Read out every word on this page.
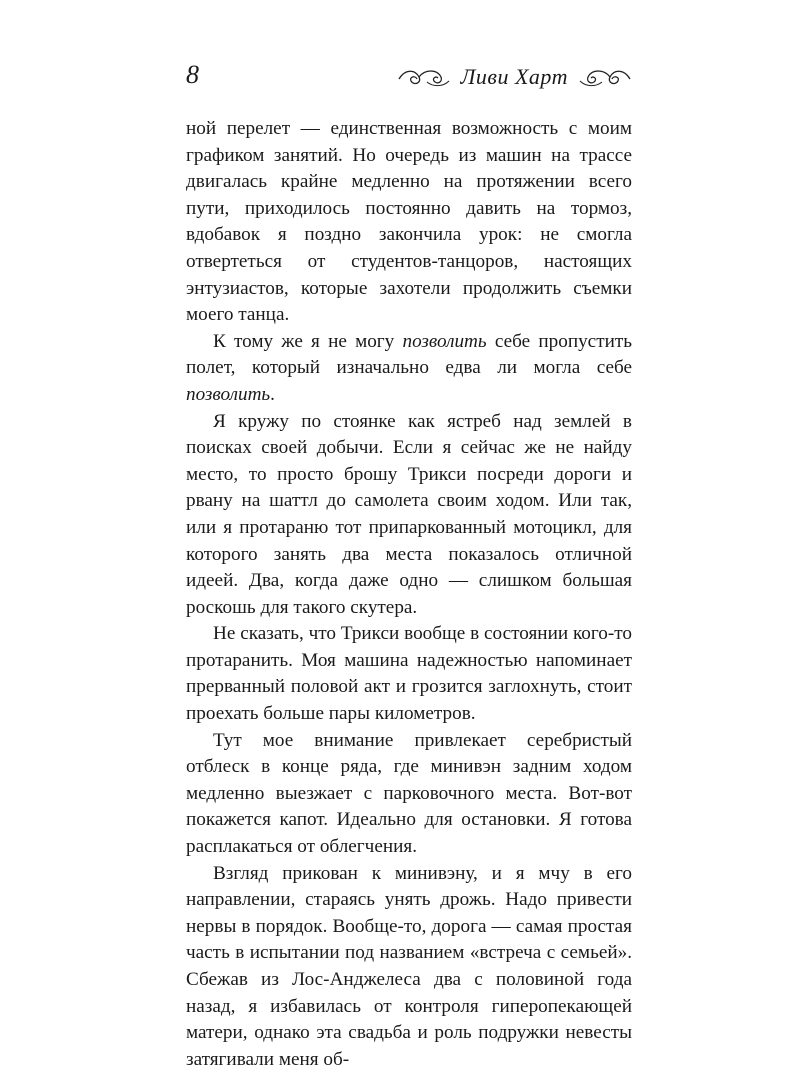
8	Ливи Харт

ной перелет — единственная возможность с моим графиком занятий. Но очередь из машин на трассе двигалась крайне медленно на протяжении всего пути, приходилось постоянно давить на тормоз, вдобавок я поздно закончила урок: не смогла отвертеться от студентов-танцоров, настоящих энтузиастов, которые захотели продолжить съемки моего танца.

К тому же я не могу позволить себе пропустить полет, который изначально едва ли могла себе позволить.

Я кружу по стоянке как ястреб над землей в поисках своей добычи. Если я сейчас же не найду место, то просто брошу Трикси посреди дороги и рвану на шаттл до самолета своим ходом. Или так, или я протараню тот припаркованный мотоцикл, для которого занять два места показалось отличной идеей. Два, когда даже одно — слишком большая роскошь для такого скутера.

Не сказать, что Трикси вообще в состоянии кого-то протаранить. Моя машина надежностью напоминает прерванный половой акт и грозится заглохнуть, стоит проехать больше пары километров.

Тут мое внимание привлекает серебристый отблеск в конце ряда, где минивэн задним ходом медленно выезжает с парковочного места. Вот-вот покажется капот. Идеально для остановки. Я готова расплакаться от облегчения.

Взгляд прикован к минивэну, и я мчу в его направлении, стараясь унять дрожь. Надо привести нервы в порядок. Вообще-то, дорога — самая простая часть в испытании под названием «встреча с семьей». Сбежав из Лос-Анджелеса два с половиной года назад, я избавилась от контроля гиперопекающей матери, однако эта свадьба и роль подружки невесты затягивали меня об-
